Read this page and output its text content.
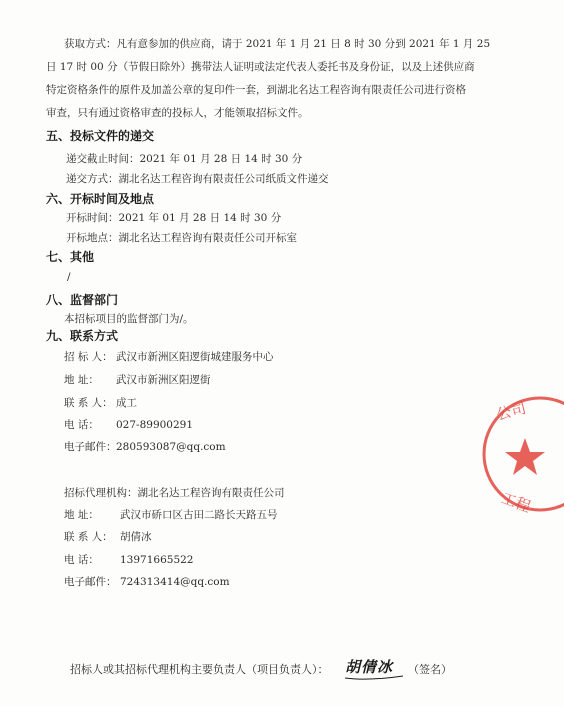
获取方式：凡有意参加的供应商，请于 2021 年 1 月 21 日 8 时 30 分到 2021 年 1 月 25
日 17 时 00 分（节假日除外）携带法人证明或法定代表人委托书及身份证，以及上述供应商
特定资格条件的原件及加盖公章的复印件一套，到湖北名达工程咨询有限责任公司进行资格
审查，只有通过资格审查的投标人，才能领取招标文件。
五、投标文件的递交
递交截止时间：2021 年 01 月 28 日 14 时 30 分
递交方式：湖北名达工程咨询有限责任公司纸质文件递交
六、开标时间及地点
开标时间：2021 年 01 月 28 日 14 时 30 分
开标地点：湖北名达工程咨询有限责任公司开标室
七、其他
/
八、监督部门
本招标项目的监督部门为/。
九、联系方式
招 标 人： 武汉市新洲区阳逻街城建服务中心
地 址： 武汉市新洲区阳逻街
联 系 人： 成工
电 话： 027-89900291
电子邮件：280593087@qq.com
招标代理机构：湖北名达工程咨询有限责任公司
地 址： 武汉市硚口区古田二路长天路五号
联 系 人： 胡倩冰
电 话： 13971665522
电子邮件： 724313414@qq.com
公司
工程
招标人或其招标代理机构主要负责人（项目负责人）： 胡倩冰 （签名）
